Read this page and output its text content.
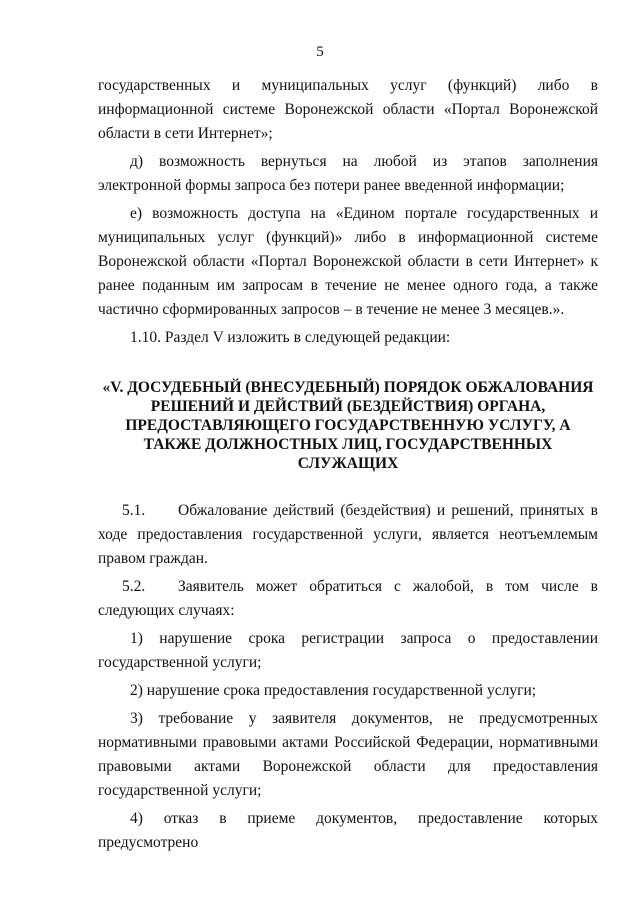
5

государственных и муниципальных услуг (функций) либо в информационной системе Воронежской области «Портал Воронежской области в сети Интернет»;

д) возможность вернуться на любой из этапов заполнения электронной формы запроса без потери ранее введенной информации;

е) возможность доступа на «Едином портале государственных и муниципальных услуг (функций)» либо в информационной системе Воронежской области «Портал Воронежской области в сети Интернет» к ранее поданным им запросам в течение не менее одного года, а также частично сформированных запросов – в течение не менее 3 месяцев.».

1.10. Раздел V изложить в следующей редакции:

«V. ДОСУДЕБНЫЙ (ВНЕСУДЕБНЫЙ) ПОРЯДОК ОБЖАЛОВАНИЯ РЕШЕНИЙ И ДЕЙСТВИЙ (БЕЗДЕЙСТВИЯ) ОРГАНА, ПРЕДОСТАВЛЯЮЩЕГО ГОСУДАРСТВЕННУЮ УСЛУГУ, А ТАКЖЕ ДОЛЖНОСТНЫХ ЛИЦ, ГОСУДАРСТВЕННЫХ СЛУЖАЩИХ

5.1. Обжалование действий (бездействия) и решений, принятых в ходе предоставления государственной услуги, является неотъемлемым правом граждан.

5.2. Заявитель может обратиться с жалобой, в том числе в следующих случаях:

1) нарушение срока регистрации запроса о предоставлении государственной услуги;

2) нарушение срока предоставления государственной услуги;

3) требование у заявителя документов, не предусмотренных нормативными правовыми актами Российской Федерации, нормативными правовыми актами Воронежской области для предоставления государственной услуги;

4) отказ в приеме документов, предоставление которых предусмотрено
